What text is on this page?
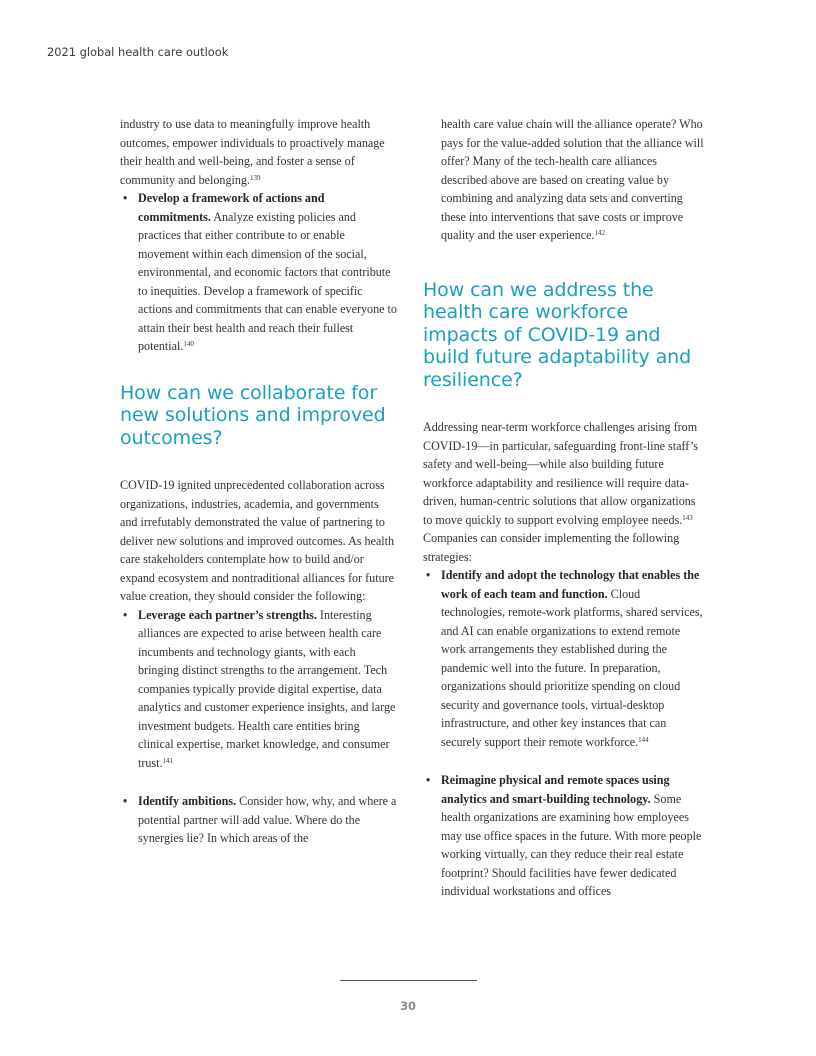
2021 global health care outlook

industry to use data to meaningfully improve health outcomes, empower individuals to proactively manage their health and well-being, and foster a sense of community and belonging.$^{139}$

• Develop a framework of actions and commitments. Analyze existing policies and practices that either contribute to or enable movement within each dimension of the social, environmental, and economic factors that contribute to inequities. Develop a framework of specific actions and commitments that can enable everyone to attain their best health and reach their fullest potential.$^{140}$
How can we collaborate for new solutions and improved outcomes?

COVID-19 ignited unprecedented collaboration across organizations, industries, academia, and governments and irrefutably demonstrated the value of partnering to deliver new solutions and improved outcomes. As health care stakeholders contemplate how to build and/or expand ecosystem and nontraditional alliances for future value creation, they should consider the following:

• Leverage each partner’s strengths. Interesting alliances are expected to arise between health care incumbents and technology giants, with each bringing distinct strengths to the arrangement. Tech companies typically provide digital expertise, data analytics and customer experience insights, and large investment budgets. Health care entities bring clinical expertise, market knowledge, and consumer trust.$^{141}$
• Identify ambitions. Consider how, why, and where a potential partner will add value. Where do the synergies lie? In which areas of the

health care value chain will the alliance operate? Who pays for the value-added solution that the alliance will offer? Many of the tech-health care alliances described above are based on creating value by combining and analyzing data sets and converting these into interventions that save costs or improve quality and the user experience.$^{142}$

How can we address the health care workforce impacts of COVID-19 and build future adaptability and resilience?

Addressing near-term workforce challenges arising from COVID-19—in particular, safeguarding front-line staff’s safety and well-being—while also building future workforce adaptability and resilience will require data-driven, human-centric solutions that allow organizations to move quickly to support evolving employee needs.$^{143}$ Companies can consider implementing the following strategies:

• Identify and adopt the technology that enables the work of each team and function. Cloud technologies, remote-work platforms, shared services, and AI can enable organizations to extend remote work arrangements they established during the pandemic well into the future. In preparation, organizations should prioritize spending on cloud security and governance tools, virtual-desktop infrastructure, and other key instances that can securely support their remote workforce.$^{144}$
• Reimagine physical and remote spaces using analytics and smart-building technology. Some health organizations are examining how employees may use office spaces in the future. With more people working virtually, can they reduce their real estate footprint? Should facilities have fewer dedicated individual workstations and offices
30
